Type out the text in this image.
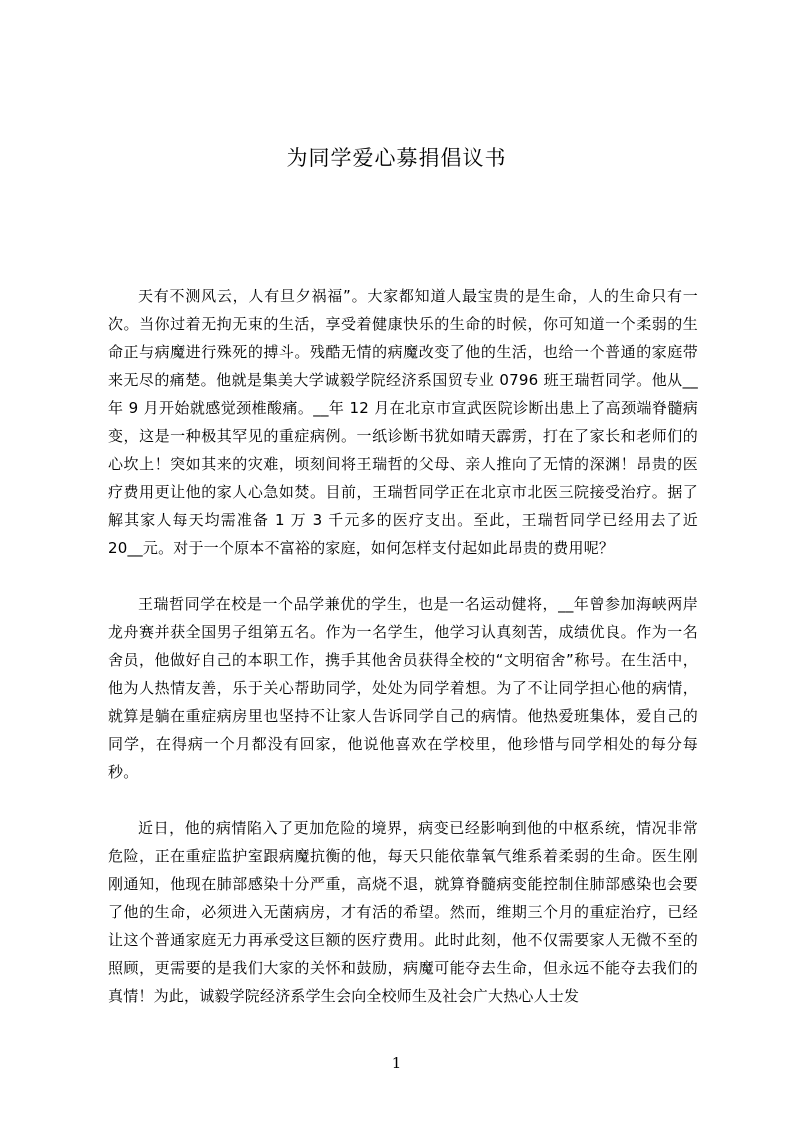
为同学爱心募捐倡议书

天有不测风云，人有旦夕祸福”。大家都知道人最宝贵的是生命，人的生命只有一次。当你过着无拘无束的生活，享受着健康快乐的生命的时候，你可知道一个柔弱的生命正与病魔进行殊死的搏斗。残酷无情的病魔改变了他的生活，也给一个普通的家庭带来无尽的痛楚。他就是集美大学诚毅学院经济系国贸专业 0796 班王瑞哲同学。他从__年 9 月开始就感觉颈椎酸痛。__年 12 月在北京市宣武医院诊断出患上了高颈端脊髓病变，这是一种极其罕见的重症病例。一纸诊断书犹如晴天霹雳，打在了家长和老师们的心坎上！突如其来的灾难，顷刻间将王瑞哲的父母、亲人推向了无情的深渊！昂贵的医疗费用更让他的家人心急如焚。目前，王瑞哲同学正在北京市北医三院接受治疗。据了解其家人每天均需准备 1 万 3 千元多的医疗支出。至此，王瑞哲同学已经用去了近 20__元。对于一个原本不富裕的家庭，如何怎样支付起如此昂贵的费用呢？

王瑞哲同学在校是一个品学兼优的学生，也是一名运动健将，__年曾参加海峡两岸龙舟赛并获全国男子组第五名。作为一名学生，他学习认真刻苦，成绩优良。作为一名舍员，他做好自己的本职工作，携手其他舍员获得全校的“文明宿舍”称号。在生活中，他为人热情友善，乐于关心帮助同学，处处为同学着想。为了不让同学担心他的病情，就算是躺在重症病房里也坚持不让家人告诉同学自己的病情。他热爱班集体，爱自己的同学，在得病一个月都没有回家，他说他喜欢在学校里，他珍惜与同学相处的每分每秒。

近日，他的病情陷入了更加危险的境界，病变已经影响到他的中枢系统，情况非常危险，正在重症监护室跟病魔抗衡的他，每天只能依靠氧气维系着柔弱的生命。医生刚刚通知，他现在肺部感染十分严重，高烧不退，就算脊髓病变能控制住肺部感染也会要了他的生命，必须进入无菌病房，才有活的希望。然而，维期三个月的重症治疗，已经让这个普通家庭无力再承受这巨额的医疗费用。此时此刻，他不仅需要家人无微不至的照顾，更需要的是我们大家的关怀和鼓励，病魔可能夺去生命，但永远不能夺去我们的真情！为此，诚毅学院经济系学生会向全校师生及社会广大热心人士发

1
